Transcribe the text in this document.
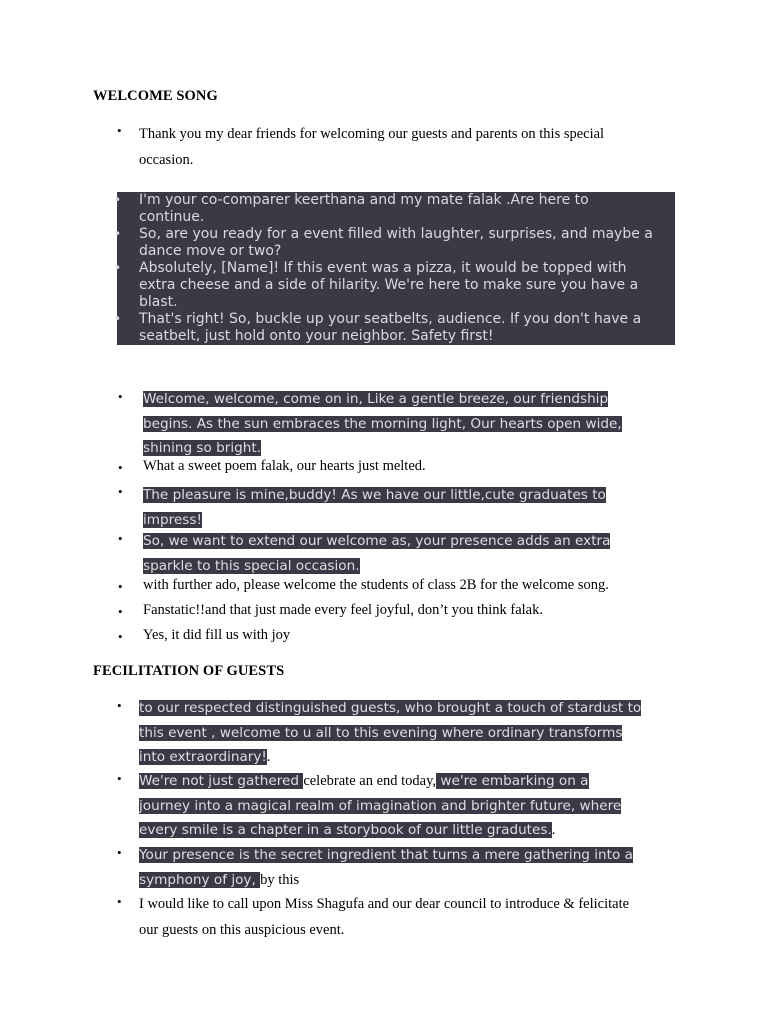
WELCOME SONG
• Thank you my dear friends for welcoming our guests and parents on this special occasion.
•	I'm your co-comparer keerthana and my mate falak .Are here to continue.
•	So, are you ready for a event filled with laughter, surprises, and maybe a dance move or two?
•	Absolutely, [Name]! If this event was a pizza, it would be topped with extra cheese and a side of hilarity. We're here to make sure you have a blast.
•	That's right! So, buckle up your seatbelts, audience. If you don't have a seatbelt, just hold onto your neighbor. Safety first!
• Welcome, welcome, come on in, Like a gentle breeze, our friendship
begins. As the sun embraces the morning light, Our hearts open wide,
shining so bright.
• What a sweet poem falak, our hearts just melted.
• The pleasure is mine,buddy! As we have our little,cute graduates to
impress!
• So, we want to extend our welcome as, your presence adds an extra
sparkle to this special occasion.
• with further ado, please welcome the students of class 2B for the welcome song.
• Fanstatic!!and that just made every feel joyful, don’t you think falak.
• Yes, it did fill us with joy
FECILITATION OF GUESTS
• to our respected distinguished guests, who brought a touch of stardust to
this event , welcome to u all to this evening where ordinary transforms
into extraordinary!.
• We're not just gathered celebrate an end today, we're embarking on a
journey into a magical realm of imagination and brighter future, where
every smile is a chapter in a storybook of our little gradutes..
• Your presence is the secret ingredient that turns a mere gathering into a
symphony of joy, by this
• I would like to call upon Miss Shagufa and our dear council to introduce & felicitate
our guests on this auspicious event.
